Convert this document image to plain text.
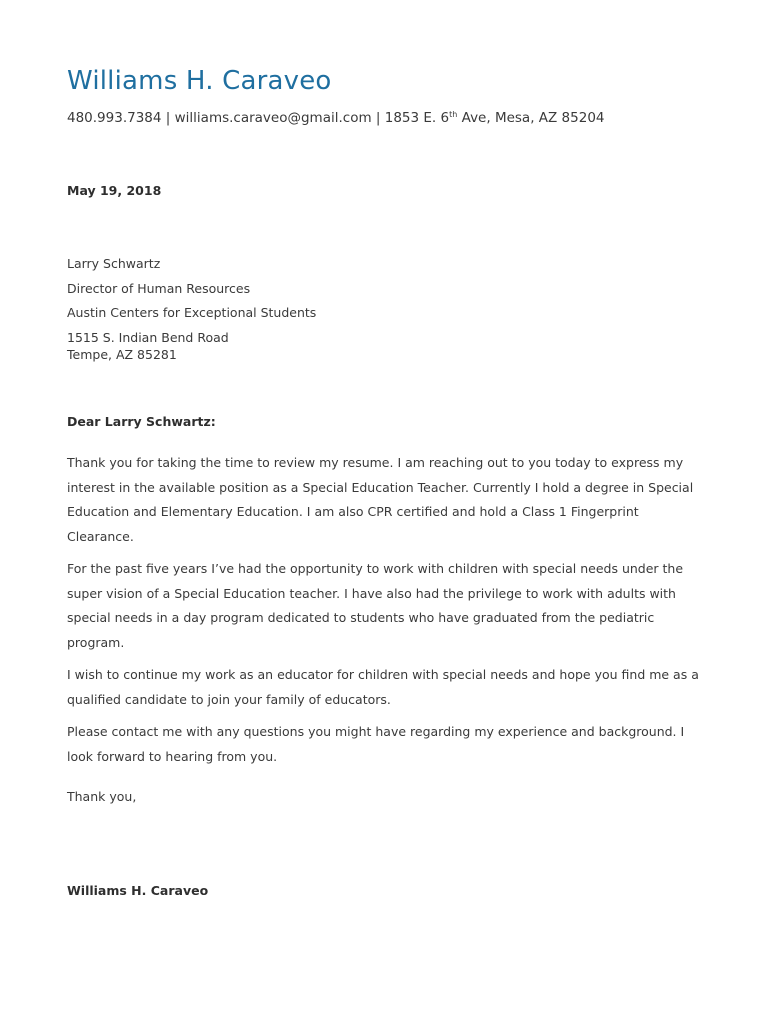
Williams H. Caraveo
480.993.7384 | williams.caraveo@gmail.com | 1853 E. 6th Ave, Mesa, AZ 85204
May 19, 2018
Larry Schwartz
Director of Human Resources
Austin Centers for Exceptional Students
1515 S. Indian Bend Road
Tempe, AZ 85281
Dear Larry Schwartz:

Thank you for taking the time to review my resume. I am reaching out to you today to express my interest in the available position as a Special Education Teacher. Currently I hold a degree in Special Education and Elementary Education. I am also CPR certified and hold a Class 1 Fingerprint Clearance.

For the past five years I’ve had the opportunity to work with children with special needs under the super vision of a Special Education teacher. I have also had the privilege to work with adults with special needs in a day program dedicated to students who have graduated from the pediatric program.

I wish to continue my work as an educator for children with special needs and hope you find me as a qualified candidate to join your family of educators.

Please contact me with any questions you might have regarding my experience and background. I look forward to hearing from you.

Thank you,
Williams H. Caraveo
